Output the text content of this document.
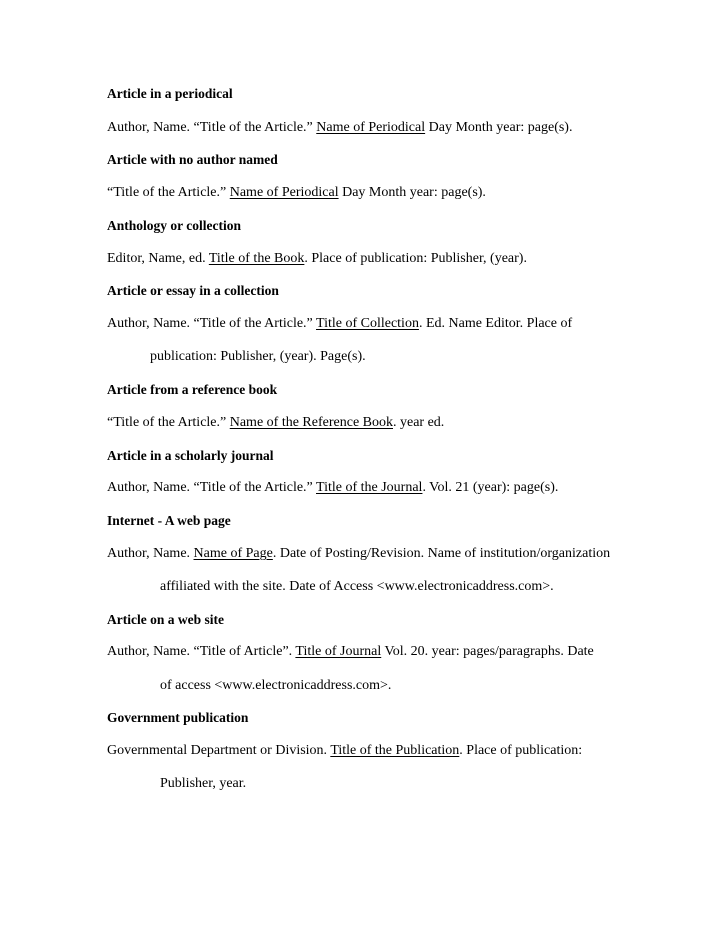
Article in a periodical
Author, Name. “Title of the Article.” Name of Periodical Day Month year: page(s).
Article with no author named
“Title of the Article.” Name of Periodical Day Month year: page(s).
Anthology or collection
Editor, Name, ed. Title of the Book. Place of publication: Publisher, (year).
Article or essay in a collection
Author, Name. “Title of the Article.” Title of Collection. Ed. Name Editor. Place of
publication: Publisher, (year). Page(s).
Article from a reference book
“Title of the Article.” Name of the Reference Book. year ed.
Article in a scholarly journal
Author, Name. “Title of the Article.” Title of the Journal. Vol. 21 (year): page(s).
Internet - A web page
Author, Name. Name of Page. Date of Posting/Revision. Name of institution/organization
affiliated with the site. Date of Access <www.electronicaddress.com>.
Article on a web site
Author, Name. “Title of Article”. Title of Journal Vol. 20. year: pages/paragraphs. Date
of access <www.electronicaddress.com>.
Government publication
Governmental Department or Division. Title of the Publication. Place of publication:
Publisher, year.
